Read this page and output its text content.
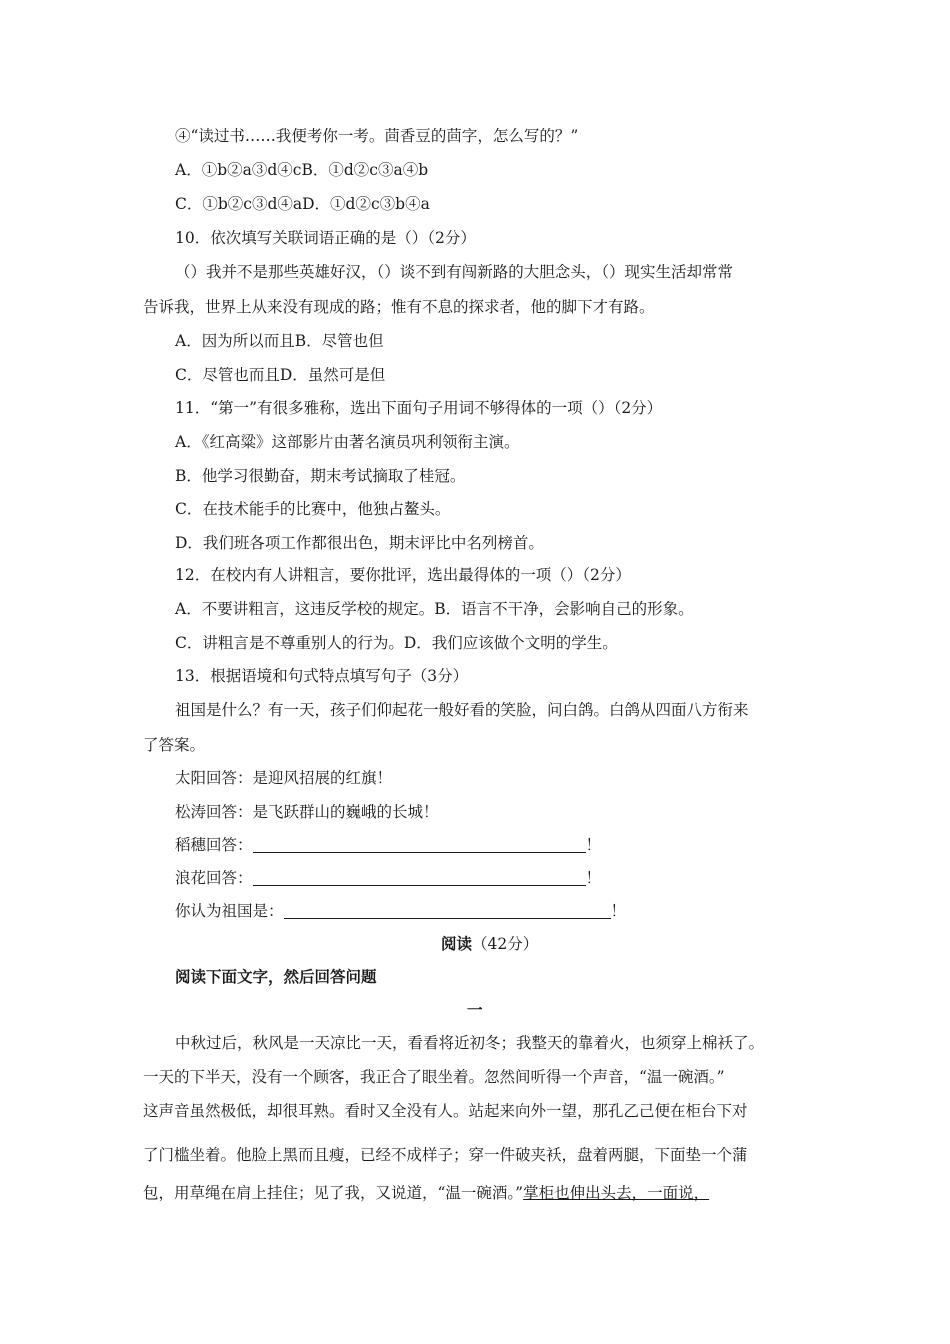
④“读过书……我便考你一考。茴香豆的茴字，怎么写的？”
A．①b②a③d④cB．①d②c③a④b
C．①b②c③d④aD．①d②c③b④a
10．依次填写关联词语正确的是（）（2分）
（）我并不是那些英雄好汉，（）谈不到有闯新路的大胆念头，（）现实生活却常常
告诉我，世界上从来没有现成的路；惟有不息的探求者，他的脚下才有路。
A．因为所以而且B．尽管也但
C．尽管也而且D．虽然可是但
11．“第一”有很多雅称，选出下面句子用词不够得体的一项（）（2分）
A．《红高粱》这部影片由著名演员巩利领衔主演。
B．他学习很勤奋，期末考试摘取了桂冠。
C．在技术能手的比赛中，他独占鳌头。
D．我们班各项工作都很出色，期末评比中名列榜首。
12．在校内有人讲粗言，要你批评，选出最得体的一项（）（2分）
A．不要讲粗言，这违反学校的规定。B．语言不干净，会影响自己的形象。
C．讲粗言是不尊重别人的行为。D．我们应该做个文明的学生。
13．根据语境和句式特点填写句子（3分）
祖国是什么？有一天，孩子们仰起花一般好看的笑脸，问白鸽。白鸽从四面八方衔来
了答案。
太阳回答：是迎风招展的红旗！
松涛回答：是飞跃群山的巍峨的长城！
稻穗回答：	！
浪花回答：	！
你认为祖国是：	！
阅读（42分）
阅读下面文字，然后回答问题
一
中秋过后，秋风是一天凉比一天，看看将近初冬；我整天的靠着火，也须穿上棉袄了。
一天的下半天，没有一个顾客，我正合了眼坐着。忽然间听得一个声音，“温一碗酒。”
这声音虽然极低，却很耳熟。看时又全没有人。站起来向外一望，那孔乙己便在柜台下对
了门槛坐着。他脸上黑而且瘦，已经不成样子；穿一件破夹袄，盘着两腿，下面垫一个蒲
包，用草绳在肩上挂住；见了我，又说道，“温一碗酒。”掌柜也伸出头去，一面说，
